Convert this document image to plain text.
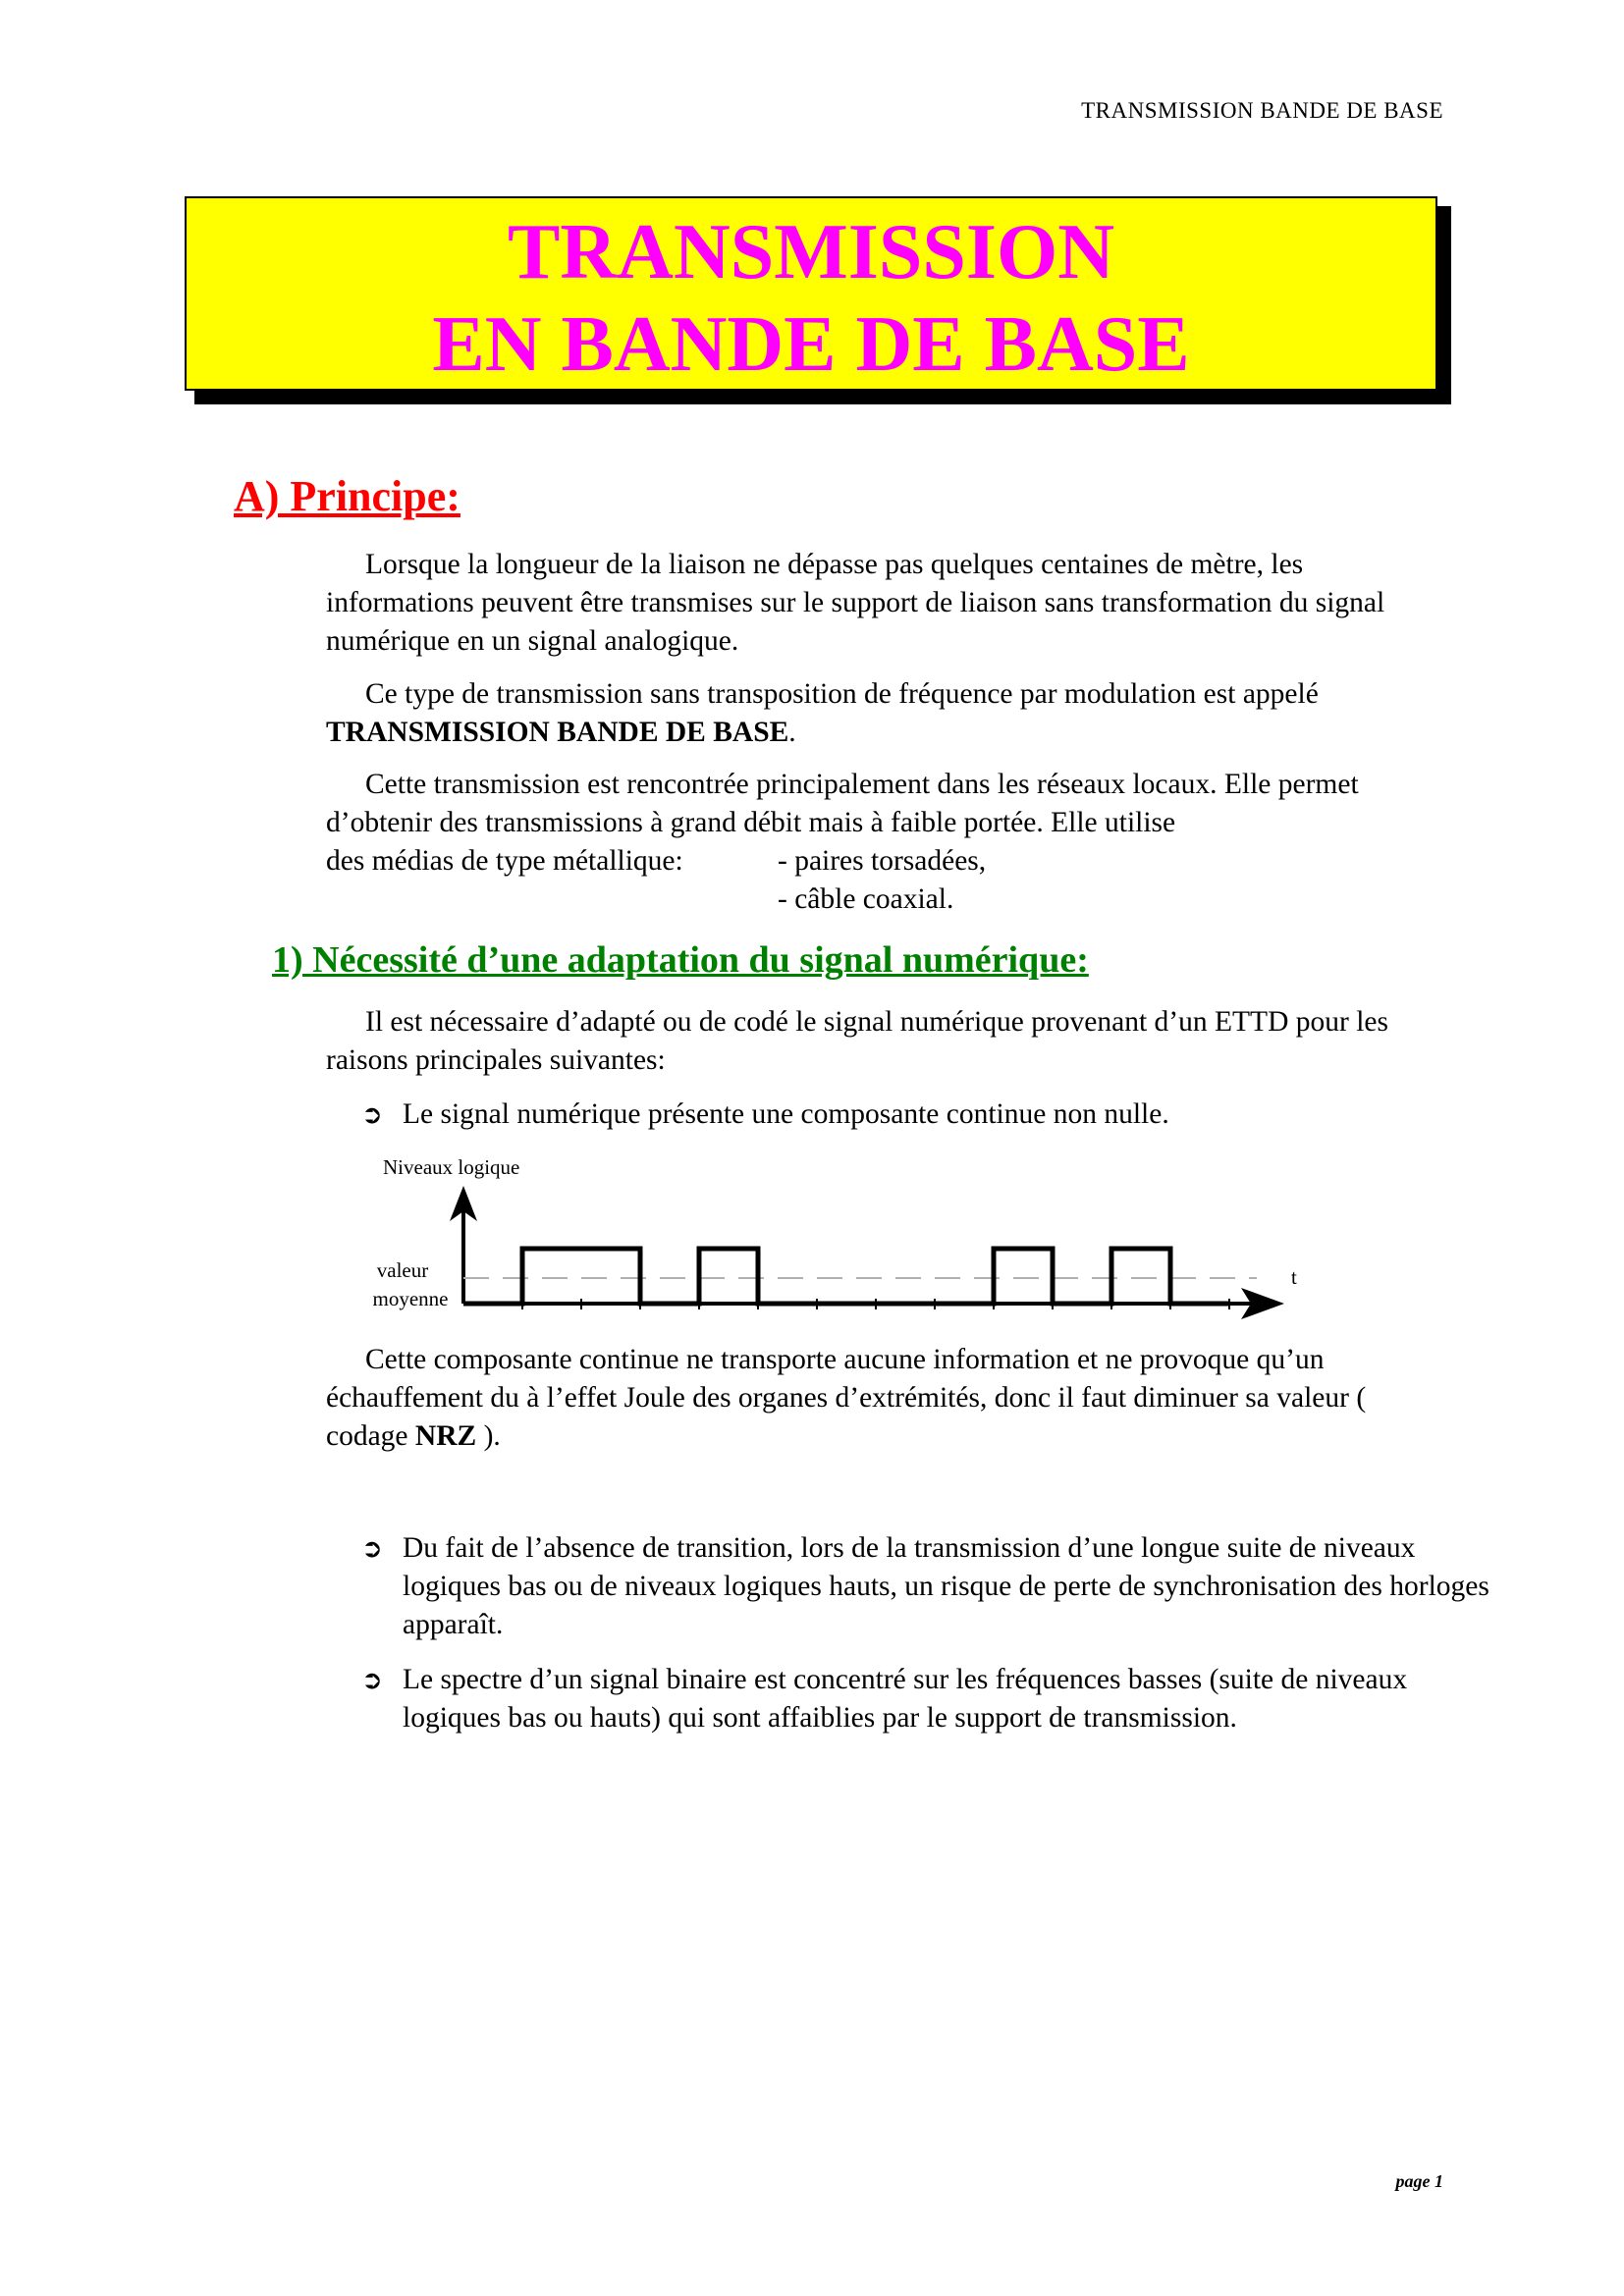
TRANSMISSION BANDE DE BASE
TRANSMISSION
EN BANDE DE BASE
A) Principe:
Lorsque la longueur de la liaison ne dépasse pas quelques centaines de mètre, les informations peuvent être transmises sur le support de liaison sans transformation du signal numérique en un signal analogique.
Ce type de transmission sans transposition de fréquence par modulation est appelé TRANSMISSION BANDE DE BASE.
Cette transmission est rencontrée principalement dans les réseaux locaux. Elle permet d’obtenir des transmissions à grand débit mais à faible portée. Elle utilise
des médias de type métallique:	- paires torsadées,
- câble coaxial.
1) Nécessité d’une adaptation du signal numérique:
Il est nécessaire d’adapté ou de codé le signal numérique provenant d’un ETTD pour les raisons principales suivantes:
➲ Le signal numérique présente une composante continue non nulle.
Niveaux logique
valeur
moyenne
t
Cette composante continue ne transporte aucune information et ne provoque qu’un échauffement du à l’effet Joule des organes d’extrémités, donc il faut diminuer sa valeur ( codage NRZ ).
➲ Du fait de l’absence de transition, lors de la transmission d’une longue suite de niveaux logiques bas ou de niveaux logiques hauts, un risque de perte de synchronisation des horloges apparaît.
➲ Le spectre d’un signal binaire est concentré sur les fréquences basses (suite de niveaux logiques bas ou hauts) qui sont affaiblies par le support de transmission.
page 1
